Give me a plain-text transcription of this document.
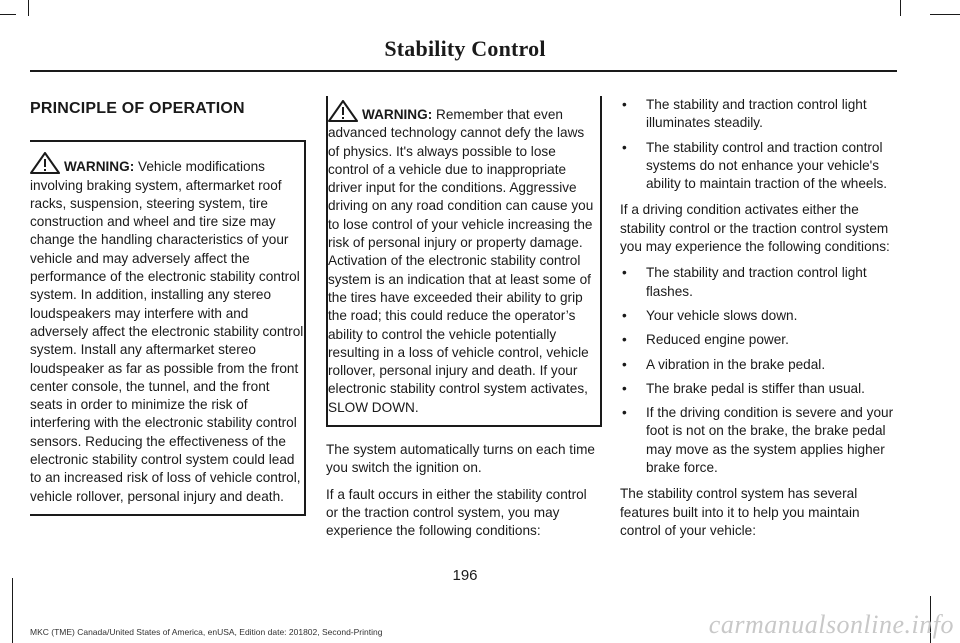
Stability Control
PRINCIPLE OF OPERATION
WARNING: Vehicle modifications involving braking system, aftermarket roof racks, suspension, steering system, tire construction and wheel and tire size may change the handling characteristics of your vehicle and may adversely affect the performance of the electronic stability control system. In addition, installing any stereo loudspeakers may interfere with and adversely affect the electronic stability control system. Install any aftermarket stereo loudspeaker as far as possible from the front center console, the tunnel, and the front seats in order to minimize the risk of interfering with the electronic stability control sensors. Reducing the effectiveness of the electronic stability control system could lead to an increased risk of loss of vehicle control, vehicle rollover, personal injury and death.
WARNING: Remember that even advanced technology cannot defy the laws of physics. It's always possible to lose control of a vehicle due to inappropriate driver input for the conditions. Aggressive driving on any road condition can cause you to lose control of your vehicle increasing the risk of personal injury or property damage. Activation of the electronic stability control system is an indication that at least some of the tires have exceeded their ability to grip the road; this could reduce the operator’s ability to control the vehicle potentially resulting in a loss of vehicle control, vehicle rollover, personal injury and death. If your electronic stability control system activates, SLOW DOWN.

The system automatically turns on each time you switch the ignition on.

If a fault occurs in either the stability control or the traction control system, you may experience the following conditions:

• The stability and traction control light illuminates steadily.
• The stability control and traction control systems do not enhance your vehicle's ability to maintain traction of the wheels.

If a driving condition activates either the stability control or the traction control system you may experience the following conditions:

• The stability and traction control light flashes.
• Your vehicle slows down.
• Reduced engine power.
• A vibration in the brake pedal.
• The brake pedal is stiffer than usual.
• If the driving condition is severe and your foot is not on the brake, the brake pedal may move as the system applies higher brake force.

The stability control system has several features built into it to help you maintain control of your vehicle:

196
MKC (TME) Canada/United States of America, enUSA, Edition date: 201802, Second-Printing	carmanualsonline.info
